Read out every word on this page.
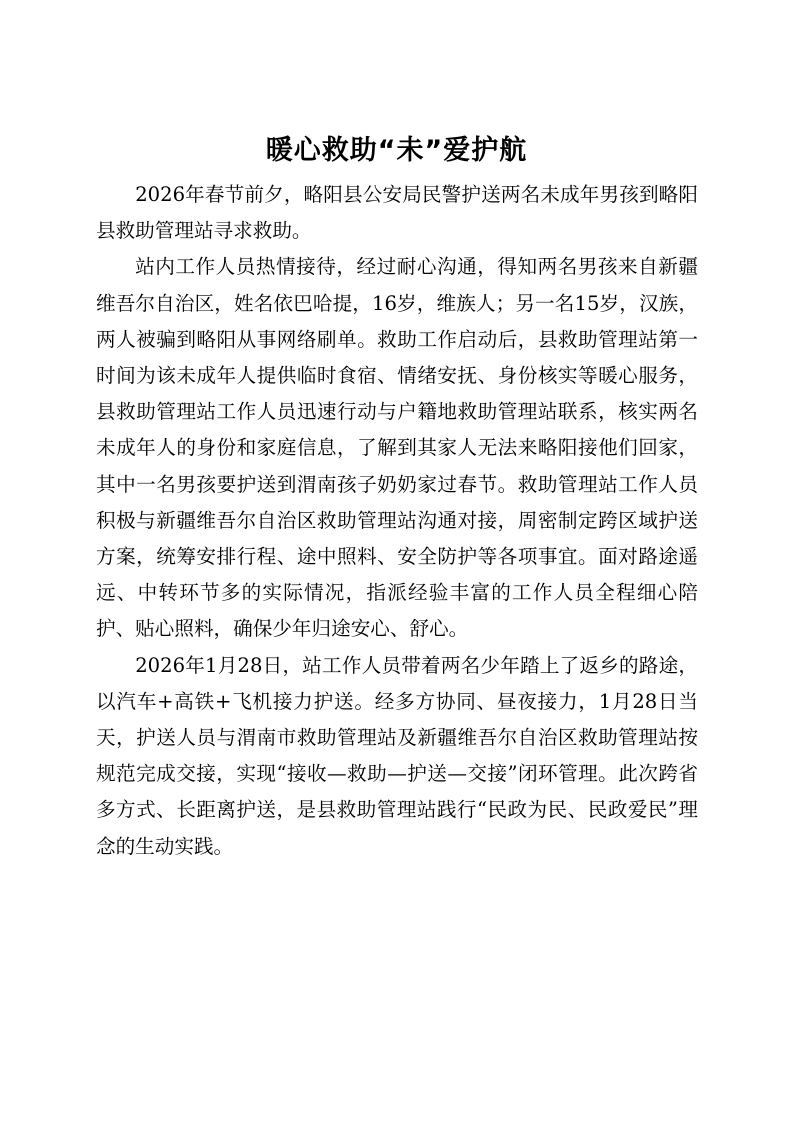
暖心救助“未”爱护航

2026年春节前夕，略阳县公安局民警护送两名未成年男孩到略阳县救助管理站寻求救助。

站内工作人员热情接待，经过耐心沟通，得知两名男孩来自新疆维吾尔自治区，姓名依巴哈提，16岁，维族人；另一名15岁，汉族，两人被骗到略阳从事网络刷单。救助工作启动后，县救助管理站第一时间为该未成年人提供临时食宿、情绪安抚、身份核实等暖心服务，县救助管理站工作人员迅速行动与户籍地救助管理站联系，核实两名未成年人的身份和家庭信息，了解到其家人无法来略阳接他们回家，其中一名男孩要护送到渭南孩子奶奶家过春节。救助管理站工作人员积极与新疆维吾尔自治区救助管理站沟通对接，周密制定跨区域护送方案，统筹安排行程、途中照料、安全防护等各项事宜。面对路途遥远、中转环节多的实际情况，指派经验丰富的工作人员全程细心陪护、贴心照料，确保少年归途安心、舒心。

2026年1月28日，站工作人员带着两名少年踏上了返乡的路途，以汽车+高铁+飞机接力护送。经多方协同、昼夜接力，1月28日当天，护送人员与渭南市救助管理站及新疆维吾尔自治区救助管理站按规范完成交接，实现“接收—救助—护送—交接”闭环管理。此次跨省多方式、长距离护送，是县救助管理站践行“民政为民、民政爱民”理念的生动实践。
